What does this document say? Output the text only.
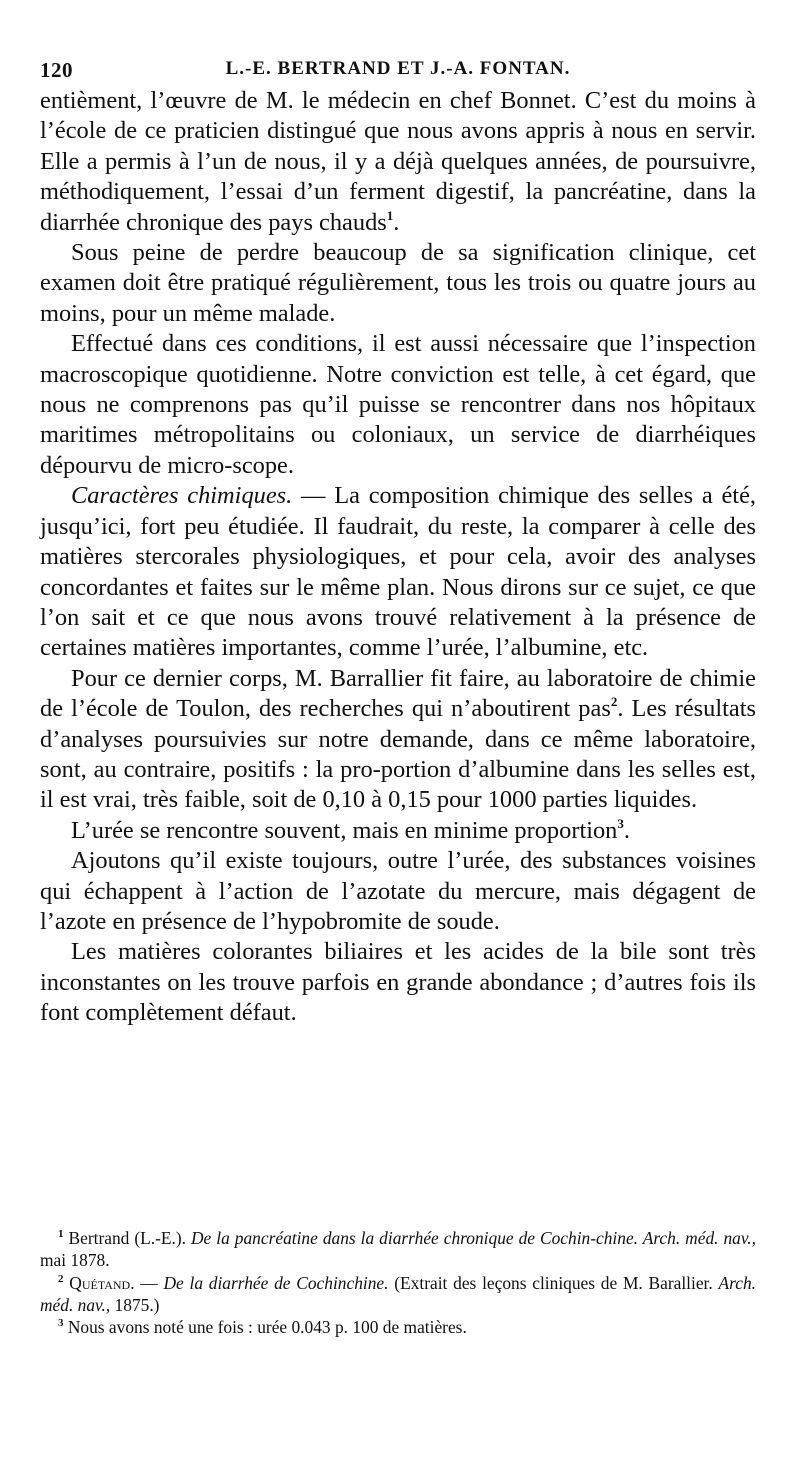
120	L.-E. BERTRAND ET J.-A. FONTAN.

entièment, l’œuvre de M. le médecin en chef Bonnet. C’est du moins à l’école de ce praticien distingué que nous avons appris à nous en servir. Elle a permis à l’un de nous, il y a déjà quelques années, de poursuivre, méthodiquement, l’essai d’un ferment digestif, la pancréatine, dans la diarrhée chronique des pays chauds$^1$.

Sous peine de perdre beaucoup de sa signification clinique, cet examen doit être pratiqué régulièrement, tous les trois ou quatre jours au moins, pour un même malade.

Effectué dans ces conditions, il est aussi nécessaire que l’inspection macroscopique quotidienne. Notre conviction est telle, à cet égard, que nous ne comprenons pas qu’il puisse se rencontrer dans nos hôpitaux maritimes métropolitains ou coloniaux, un service de diarrhéiques dépourvu de micro-scope.

Caractères chimiques. — La composition chimique des selles a été, jusqu’ici, fort peu étudiée. Il faudrait, du reste, la comparer à celle des matières stercorales physiologiques, et pour cela, avoir des analyses concordantes et faites sur le même plan. Nous dirons sur ce sujet, ce que l’on sait et ce que nous avons trouvé relativement à la présence de certaines matières importantes, comme l’urée, l’albumine, etc.

Pour ce dernier corps, M. Barrallier fit faire, au laboratoire de chimie de l’école de Toulon, des recherches qui n’aboutirent pas$^2$. Les résultats d’analyses poursuivies sur notre demande, dans ce même laboratoire, sont, au contraire, positifs : la pro-portion d’albumine dans les selles est, il est vrai, très faible, soit de 0,10 à 0,15 pour 1000 parties liquides.

L’urée se rencontre souvent, mais en minime proportion$^3$.

Ajoutons qu’il existe toujours, outre l’urée, des substances voisines qui échappent à l’action de l’azotate du mercure, mais dégagent de l’azote en présence de l’hypobromite de soude.

Les matières colorantes biliaires et les acides de la bile sont très inconstantes on les trouve parfois en grande abondance ; d’autres fois ils font complètement défaut.

$^1$ Bertrand (L.-E.). De la pancréatine dans la diarrhée chronique de Cochin-chine. Arch. méd. nav., mai 1878.

$^2$ Quétand. — De la diarrhée de Cochinchine. (Extrait des leçons cliniques de M. Barallier. Arch. méd. nav., 1875.)

$^3$ Nous avons noté une fois : urée 0.043 p. 100 de matières.
